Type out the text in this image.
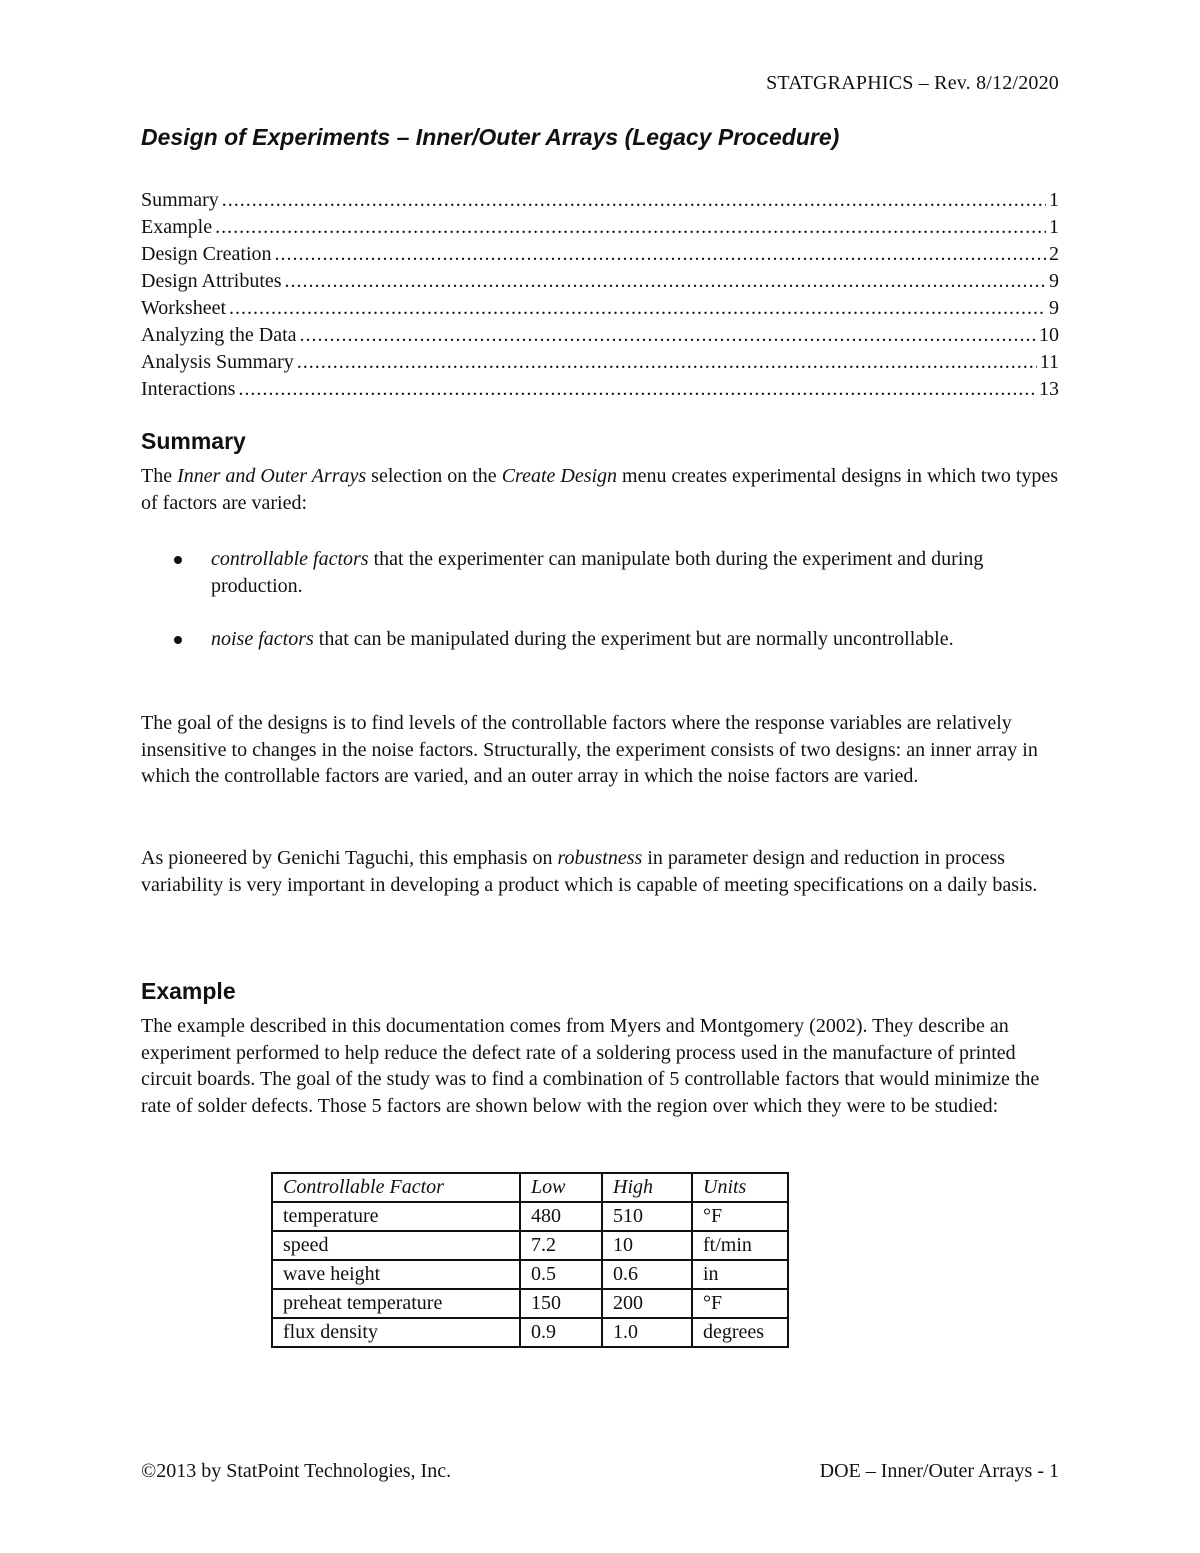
STATGRAPHICS – Rev. 8/12/2020
Design of Experiments – Inner/Outer Arrays (Legacy Procedure)
Summary .....	1
Example .....	1
Design Creation .....	2
Design Attributes .....	9
Worksheet .....	9
Analyzing the Data .....	10
Analysis Summary .....	11
Interactions .....	13
Summary

The Inner and Outer Arrays selection on the Create Design menu creates experimental designs in which two types of factors are varied:

controllable factors that the experimenter can manipulate both during the experiment and during production.
noise factors that can be manipulated during the experiment but are normally uncontrollable.

The goal of the designs is to find levels of the controllable factors where the response variables are relatively insensitive to changes in the noise factors. Structurally, the experiment consists of two designs: an inner array in which the controllable factors are varied, and an outer array in which the noise factors are varied.

As pioneered by Genichi Taguchi, this emphasis on robustness in parameter design and reduction in process variability is very important in developing a product which is capable of meeting specifications on a daily basis.

Example

The example described in this documentation comes from Myers and Montgomery (2002). They describe an experiment performed to help reduce the defect rate of a soldering process used in the manufacture of printed circuit boards. The goal of the study was to find a combination of 5 controllable factors that would minimize the rate of solder defects. Those 5 factors are shown below with the region over which they were to be studied:

Controllable Factor	Low	High	Units
temperature	480	510	°F
speed	7.2	10	ft/min
wave height	0.5	0.6	in
preheat temperature	150	200	°F
flux density	0.9	1.0	degrees
©2013 by StatPoint Technologies, Inc.	DOE – Inner/Outer Arrays - 1
